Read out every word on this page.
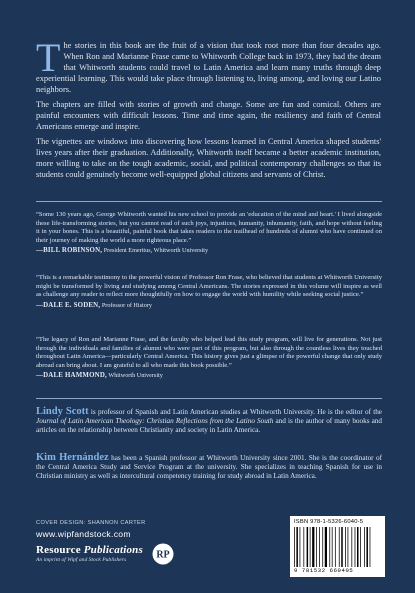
The stories in this book are the fruit of a vision that took root more than four decades ago. When Ron and Marianne Frase came to Whitworth College back in 1973, they had the dream that Whitworth students could travel to Latin America and learn many truths through deep experiential learning. This would take place through listening to, living among, and loving our Latino neighbors.

The chapters are filled with stories of growth and change. Some are fun and comical. Others are painful encounters with difficult lessons. Time and time again, the resiliency and faith of Central Americans emerge and inspire.

The vignettes are windows into discovering how lessons learned in Central America shaped students' lives years after their graduation. Additionally, Whitworth itself became a better academic institution, more willing to take on the tough academic, social, and political contemporary challenges so that its students could genuinely become well-equipped global citizens and servants of Christ.

“Some 130 years ago, George Whitworth wanted his new school to provide an 'education of the mind and heart.' I lived alongside these life-transforming stories, but you cannot read of such joys, injustices, humanity, inhumanity, faith, and hope without feeling it in your bones. This is a beautiful, painful book that takes readers to the trailhead of hundreds of alumni who have continued on their journey of making the world a more righteous place.”
—BILL ROBINSON, President Emeritus, Whitworth University
“This is a remarkable testimony to the powerful vision of Professor Ron Frase, who believed that students at Whitworth University might be transformed by living and studying among Central Americans. The stories expressed in this volume will inspire as well as challenge any reader to reflect more thoughtfully on how to engage the world with humility while seeking social justice.”
—DALE E. SODEN, Professor of History
“The legacy of Ron and Marianne Frase, and the faculty who helped lead this study program, will live for generations. Not just through the individuals and families of alumni who were part of this program, but also through the countless lives they touched throughout Latin America—particularly Central America. This history gives just a glimpse of the powerful change that only study abroad can bring about. I am grateful to all who made this book possible.”
—DALE HAMMOND, Whitworth University
Lindy Scott is professor of Spanish and Latin American studies at Whitworth University. He is the editor of the Journal of Latin American Theology: Christian Reflections from the Latino South and is the author of many books and articles on the relationship between Christianity and society in Latin America.
Kim Hernández has been a Spanish professor at Whitworth University since 2001. She is the coordinator of the Central America Study and Service Program at the university. She specializes in teaching Spanish for use in Christian ministry as well as intercultural competency training for study abroad in Latin America.
COVER DESIGN: SHANNON CARTER
www.wipfandstock.com
Resource Publications
An imprint of Wipf and Stock Publishers	RP
ISBN 978-1-5326-6040-5
9 781532 660405
